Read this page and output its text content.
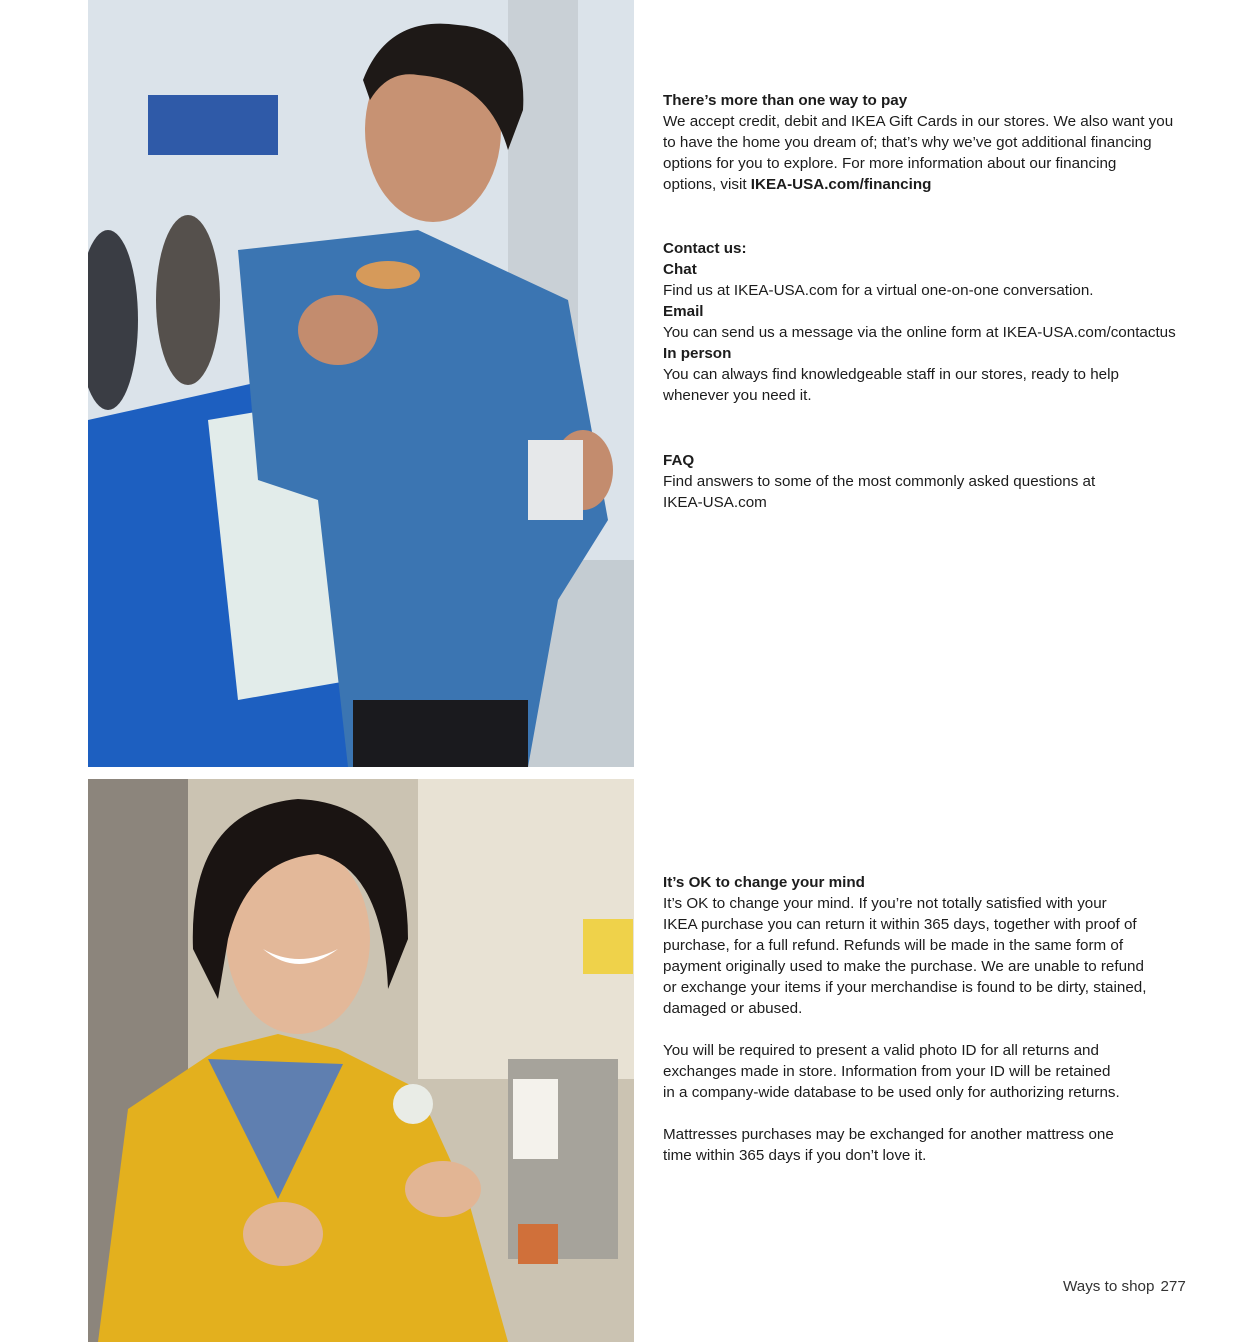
There’s more than one way to pay

We accept credit, debit and IKEA Gift Cards in our stores. We also want you

to have the home you dream of; that’s why we’ve got additional financing

options for you to explore. For more information about our financing

options, visit IKEA-USA.com/financing

Contact us:

Chat

Find us at IKEA-USA.com for a virtual one-on-one conversation.

Email

You can send us a message via the online form at IKEA-USA.com/contactus

In person

You can always find knowledgeable staff in our stores, ready to help

whenever you need it.

FAQ

Find answers to some of the most commonly asked questions at

IKEA-USA.com

It’s OK to change your mind

It’s OK to change your mind. If you’re not totally satisfied with your

IKEA purchase you can return it within 365 days, together with proof of

purchase, for a full refund. Refunds will be made in the same form of

payment originally used to make the purchase. We are unable to refund

or exchange your items if your merchandise is found to be dirty, stained,

damaged or abused.

You will be required to present a valid photo ID for all returns and

exchanges made in store. Information from your ID will be retained

in a company-wide database to be used only for authorizing returns.

Mattresses purchases may be exchanged for another mattress one

time within 365 days if you don’t love it.

Ways to shop 277
